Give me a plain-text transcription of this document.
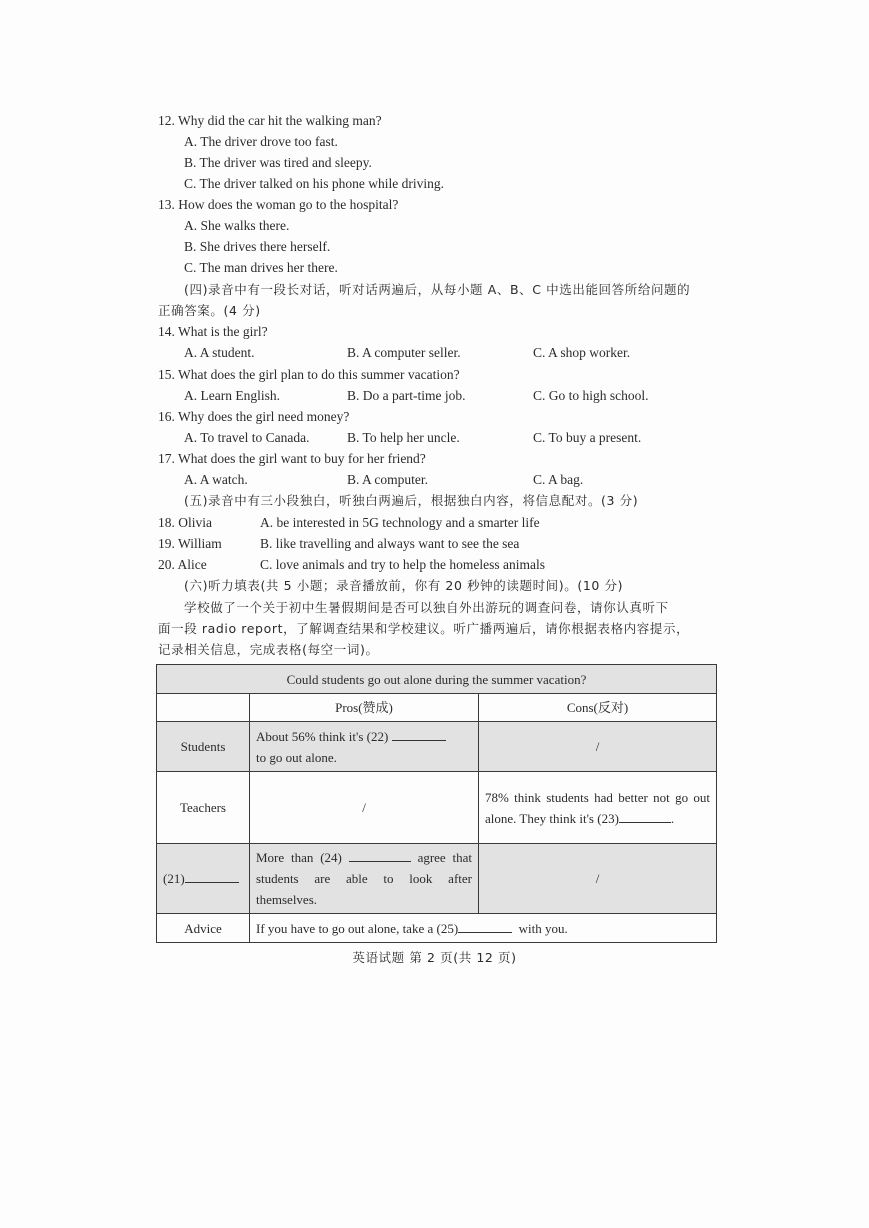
12. Why did the car hit the walking man?
A. The driver drove too fast.
B. The driver was tired and sleepy.
C. The driver talked on his phone while driving.
13. How does the woman go to the hospital?
A. She walks there.
B. She drives there herself.
C. The man drives her there.
(四)录音中有一段长对话，听对话两遍后，从每小题 A、B、C 中选出能回答所给问题的
正确答案。(4 分)
14. What is the girl?
A. A student.	B. A computer seller.	C. A shop worker.
15. What does the girl plan to do this summer vacation?
A. Learn English.	B. Do a part-time job.	C. Go to high school.
16. Why does the girl need money?
A. To travel to Canada.	B. To help her uncle.	C. To buy a present.
17. What does the girl want to buy for her friend?
A. A watch.	B. A computer.	C. A bag.
(五)录音中有三小段独白，听独白两遍后，根据独白内容，将信息配对。(3 分)
18. Olivia	A. be interested in 5G technology and a smarter life
19. William	B. like travelling and always want to see the sea
20. Alice	C. love animals and try to help the homeless animals
(六)听力填表(共 5 小题；录音播放前，你有 20 秒钟的读题时间)。(10 分)
学校做了一个关于初中生暑假期间是否可以独自外出游玩的调查问卷，请你认真听下
面一段 radio report，了解调查结果和学校建议。听广播两遍后，请你根据表格内容提示，
记录相关信息，完成表格(每空一词)。
Could students go out alone during the summer vacation?		
	Pros(赞成)	Cons(反对)
Students	About 56% think it's (22)
to go out alone.	/
Teachers	/	78% think students had better not go out alone. They think it's (23) .
(21)	More than (24) agree that students are able to look after themselves.	/
Advice	If you have to go out alone, take a (25) with you.	
英语试题 第 2 页(共 12 页)
